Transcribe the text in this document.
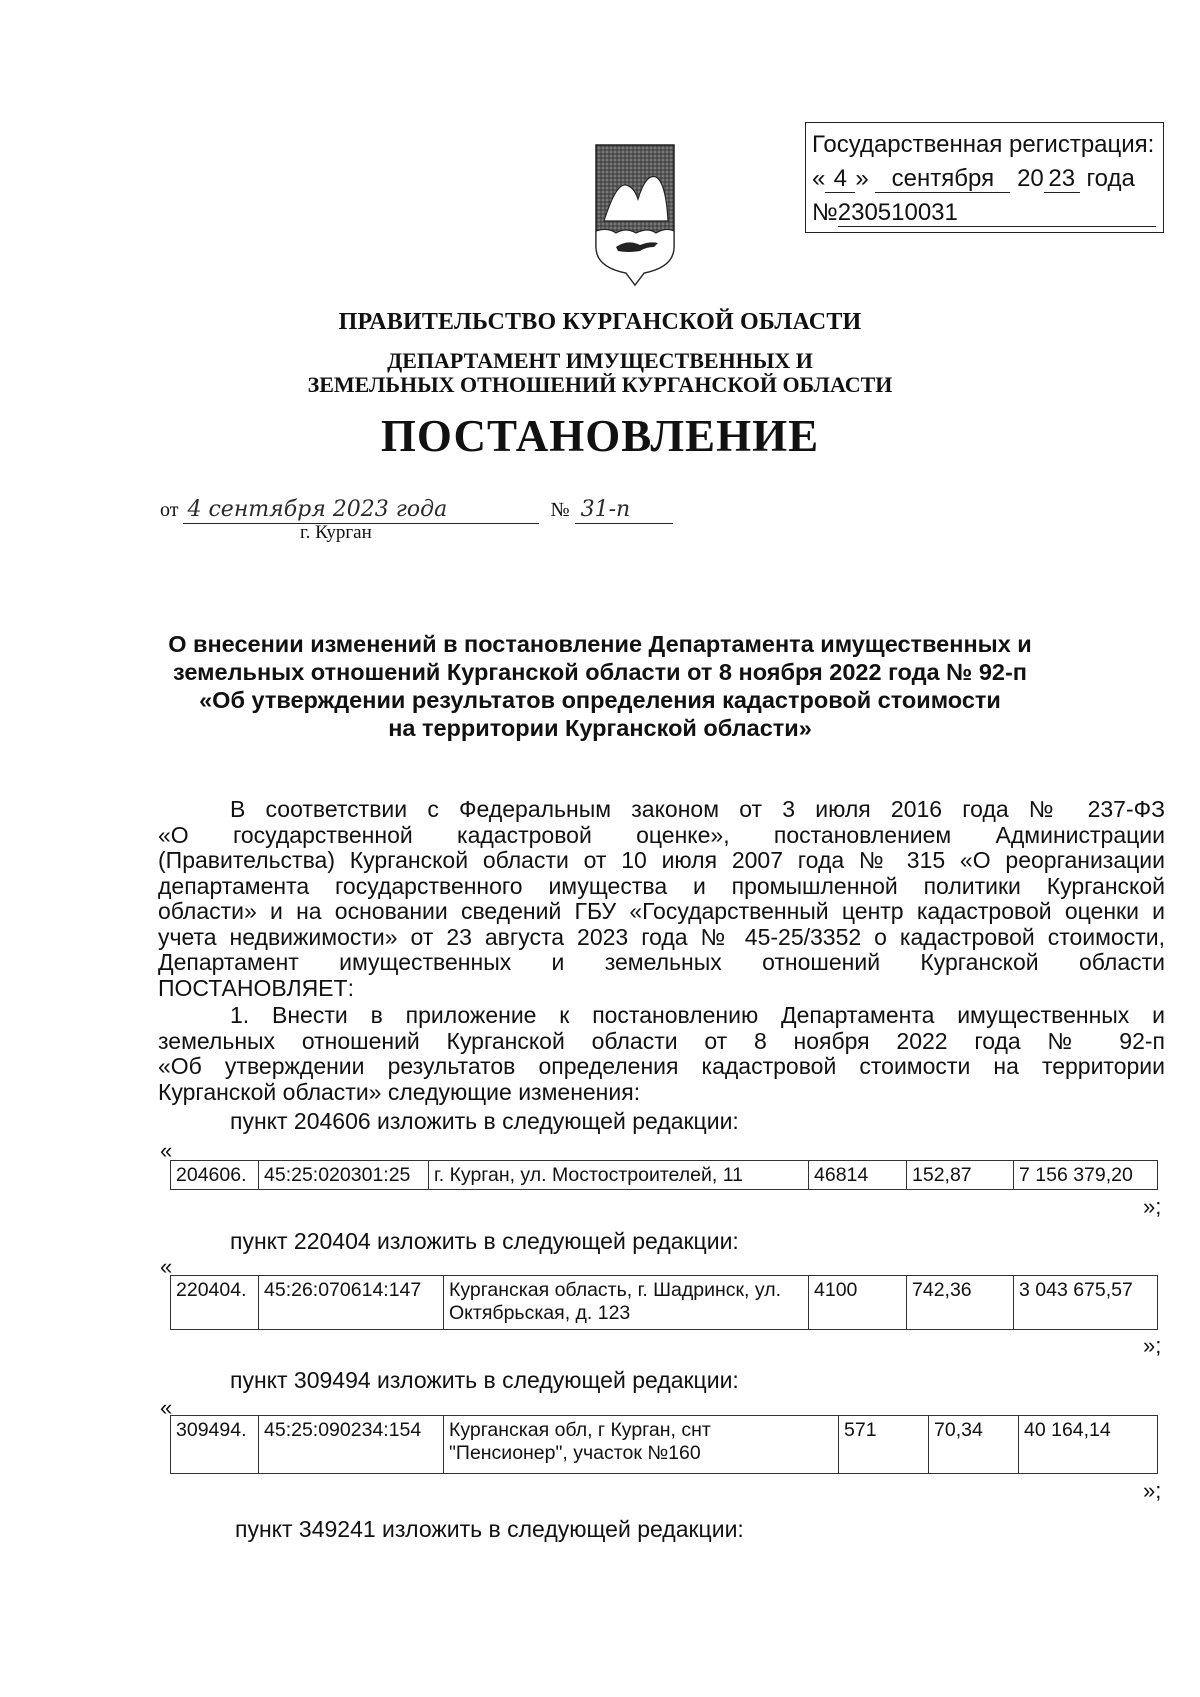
Государственная регистрация:
« 4 » сентября 20 23 года
№230510031
ПРАВИТЕЛЬСТВО КУРГАНСКОЙ ОБЛАСТИ
ДЕПАРТАМЕНТ ИМУЩЕСТВЕННЫХ И
ЗЕМЕЛЬНЫХ ОТНОШЕНИЙ КУРГАНСКОЙ ОБЛАСТИ
ПОСТАНОВЛЕНИЕ
от 4 сентября 2023 года	№ 31-п
г. Курган
О внесении изменений в постановление Департамента имущественных и
земельных отношений Курганской области от 8 ноября 2022 года № 92-п
«Об утверждении результатов определения кадастровой стоимости
на территории Курганской области»
В соответствии с Федеральным законом от 3 июля 2016 года № 237-ФЗ
«О государственной кадастровой оценке», постановлением Администрации
(Правительства) Курганской области от 10 июля 2007 года № 315 «О реорганизации
департамента государственного имущества и промышленной политики Курганской
области» и на основании сведений ГБУ «Государственный центр кадастровой оценки и
учета недвижимости» от 23 августа 2023 года № 45-25/3352 о кадастровой стоимости,
Департамент имущественных и земельных отношений Курганской области
ПОСТАНОВЛЯЕТ:
1. Внести в приложение к постановлению Департамента имущественных и
земельных отношений Курганской области от 8 ноября 2022 года № 92-п
«Об утверждении результатов определения кадастровой стоимости на территории
Курганской области» следующие изменения:
пункт 204606 изложить в следующей редакции:
«
204606.	45:25:020301:25	г. Курган, ул. Мостостроителей, 11	46814	152,87	7 156 379,20
»;
пункт 220404 изложить в следующей редакции:
«
220404.	45:26:070614:147	Курганская область, г. Шадринск, ул. Октябрьская, д. 123	4100	742,36	3 043 675,57
»;
пункт 309494 изложить в следующей редакции:
«
309494.	45:25:090234:154	Курганская обл, г Курган, снт "Пенсионер", участок №160	571	70,34	40 164,14
»;
пункт 349241 изложить в следующей редакции:
